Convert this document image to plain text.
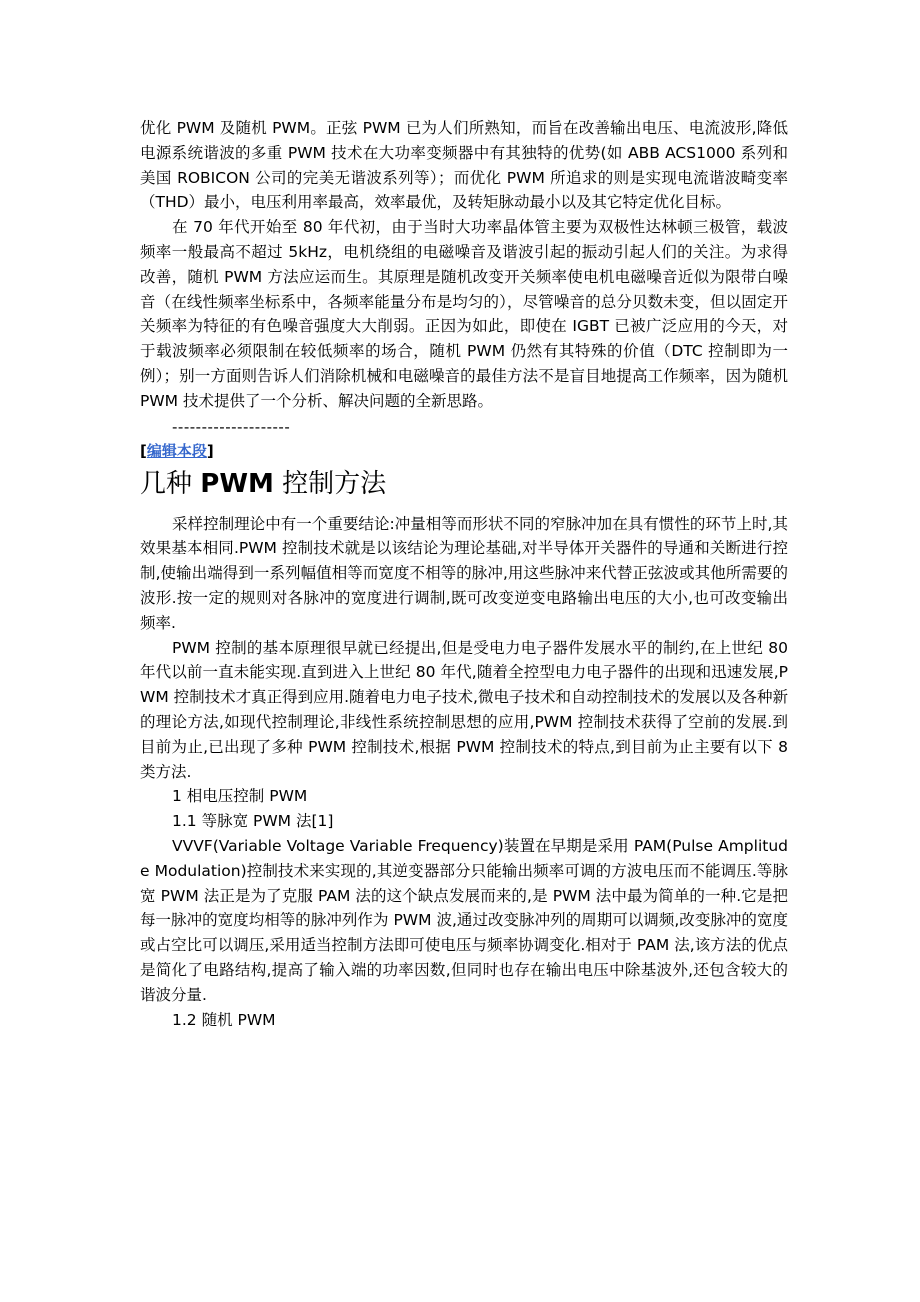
优化 PWM 及随机 PWM。正弦 PWM 已为人们所熟知，而旨在改善输出电压、电流波形,降低电源系统谐波的多重 PWM 技术在大功率变频器中有其独特的优势(如 ABB ACS1000 系列和美国 ROBICON 公司的完美无谐波系列等）；而优化 PWM 所追求的则是实现电流谐波畸变率（THD）最小，电压利用率最高，效率最优，及转矩脉动最小以及其它特定优化目标。

在 70 年代开始至 80 年代初，由于当时大功率晶体管主要为双极性达林顿三极管，载波频率一般最高不超过 5kHz，电机绕组的电磁噪音及谐波引起的振动引起人们的关注。为求得改善，随机 PWM 方法应运而生。其原理是随机改变开关频率使电机电磁噪音近似为限带白噪音（在线性频率坐标系中，各频率能量分布是均匀的），尽管噪音的总分贝数未变，但以固定开关频率为特征的有色噪音强度大大削弱。正因为如此，即使在 IGBT 已被广泛应用的今天，对于载波频率必须限制在较低频率的场合，随机 PWM 仍然有其特殊的价值（DTC 控制即为一例）；别一方面则告诉人们消除机械和电磁噪音的最佳方法不是盲目地提高工作频率，因为随机 PWM 技术提供了一个分析、解决问题的全新思路。

--------------------
[编辑本段]
几种 PWM 控制方法

采样控制理论中有一个重要结论:冲量相等而形状不同的窄脉冲加在具有惯性的环节上时,其效果基本相同.PWM 控制技术就是以该结论为理论基础,对半导体开关器件的导通和关断进行控制,使输出端得到一系列幅值相等而宽度不相等的脉冲,用这些脉冲来代替正弦波或其他所需要的波形.按一定的规则对各脉冲的宽度进行调制,既可改变逆变电路输出电压的大小,也可改变输出频率.

PWM 控制的基本原理很早就已经提出,但是受电力电子器件发展水平的制约,在上世纪 80 年代以前一直未能实现.直到进入上世纪 80 年代,随着全控型电力电子器件的出现和迅速发展,PWM 控制技术才真正得到应用.随着电力电子技术,微电子技术和自动控制技术的发展以及各种新的理论方法,如现代控制理论,非线性系统控制思想的应用,PWM 控制技术获得了空前的发展.到目前为止,已出现了多种 PWM 控制技术,根据 PWM 控制技术的特点,到目前为止主要有以下 8 类方法.

1 相电压控制 PWM

1.1 等脉宽 PWM 法[1]

VVVF(Variable Voltage Variable Frequency)装置在早期是采用 PAM(Pulse Amplitude Modulation)控制技术来实现的,其逆变器部分只能输出频率可调的方波电压而不能调压.等脉宽 PWM 法正是为了克服 PAM 法的这个缺点发展而来的,是 PWM 法中最为简单的一种.它是把每一脉冲的宽度均相等的脉冲列作为 PWM 波,通过改变脉冲列的周期可以调频,改变脉冲的宽度或占空比可以调压,采用适当控制方法即可使电压与频率协调变化.相对于 PAM 法,该方法的优点是简化了电路结构,提高了输入端的功率因数,但同时也存在输出电压中除基波外,还包含较大的谐波分量.

1.2 随机 PWM
